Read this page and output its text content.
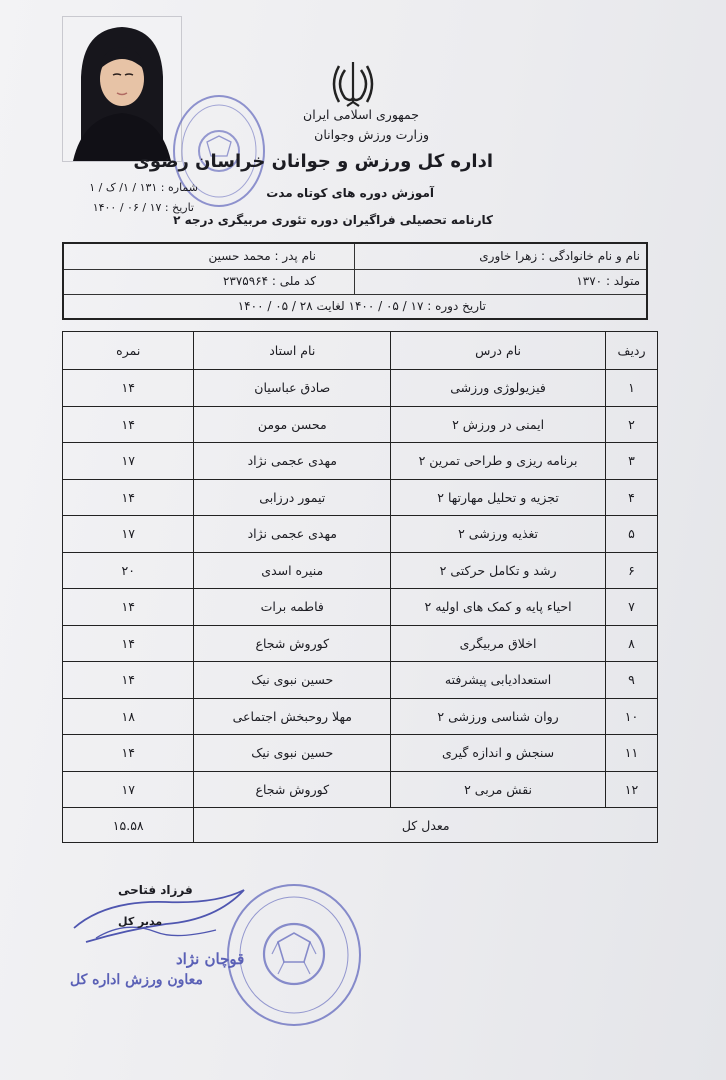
جمهوری اسلامی ایران
وزارت ورزش وجوانان
اداره کل ورزش و جوانان خراسان رضوی
آموزش دوره های کوتاه مدت
کارنامه تحصیلی فراگیران دوره تئوری مربیگری درجه ۲
شماره : ۱۳۱ / ۱/ ک / ۱
تاریخ : ۱۷ / ۰۶ / ۱۴۰۰
نام و نام خانوادگی : زهرا خاوری
نام پدر : محمد حسین
متولد : ۱۳۷۰
کد ملی : ۲۳۷۵۹۶۴
تاریخ دوره : ۱۷ / ۰۵ / ۱۴۰۰ لغایت ۲۸ / ۰۵ / ۱۴۰۰
ردیف	نام درس	نام استاد	نمره
۱	فیزیولوژی ورزشی	صادق عباسیان	۱۴
۲	ایمنی در ورزش ۲	محسن مومن	۱۴
۳	برنامه ریزی و طراحی تمرین ۲	مهدی عجمی نژاد	۱۷
۴	تجزیه و تحلیل مهارتها ۲	تیمور درزابی	۱۴
۵	تغذیه ورزشی ۲	مهدی عجمی نژاد	۱۷
۶	رشد و تکامل حرکتی ۲	منیره اسدی	۲۰
۷	احیاء پایه و کمک های اولیه ۲	فاطمه برات	۱۴
۸	اخلاق مربیگری	کوروش شجاع	۱۴
۹	استعدادیابی پیشرفته	حسین نبوی نیک	۱۴
۱۰	روان شناسی ورزشی ۲	مهلا روحبخش اجتماعی	۱۸
۱۱	سنجش و اندازه گیری	حسین نبوی نیک	۱۴
۱۲	نقش مربی ۲	کوروش شجاع	۱۷
معدل کل			۱۵.۵۸
فرزاد فتاحی
مدیر کل
قوچان نژاد
معاون ورزش اداره کل
